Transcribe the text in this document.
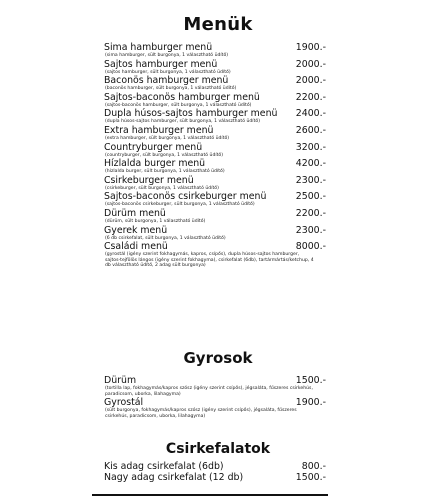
Menük
Sima hamburger menü	1900.-
(sima hamburger, sült burgonya, 1 választható üdítő)
Sajtos hamburger menü	2000.-
(sajtos hamburger, sült burgonya, 1 választható üdítő)
Baconös hamburger menü	2000.-
(baconös hamburger, sült burgonya, 1 választható üdítő)
Sajtos-baconös hamburger menü	2200.-
(sajtos-baconös hamburger, sült burgonya, 1 választható üdítő)
Dupla húsos-sajtos hamburger menü 2400.-
(dupla húsos-sajtos hamburger, sült burgonya, 1 választható üdítő)
Extra hamburger menü	2600.-
(extra hamburger, sült burgonya, 1 választható üdítő)
Countryburger menü	3200.-
(countryburger, sült burgonya, 1 választható üdítő)
Hízlalda burger menü	4200.-
(hízlalda burger, sült burgonya, 1 választható üdítő)
Csirkeburger menü	2300.-
(csirkeburger, sült burgonya, 1 választható üdítő)
Sajtos-baconös csirkeburger menü	2500.-
(sajtos-baconös csirkeburger, sült burgonya, 1 választható üdítő)
Dürüm menü	2200.-
(dürüm, sült burgonya, 1 választható üdítő)
Gyerek menü	2300.-
(6 db csirkefalat, sült burgonya, 1 választható üdítő)
Családi menü	8000.-
(gyrostál (igény szerint fokhagymás, kapros, csípős), dupla húsos-sajtos hamburger, sajtos-tejfölös lángos (igény szerint fokhagyma), csirkefalat (6db), tartármártás/ketchup, 4 db választható üdítő, 2 adag sült burgonya)
Gyrosok
Dürüm	1500.-
(tortilla lap, fokhagymás/kapros szósz (igény szerint csípős), jégsaláta, fűszeres csirkehús, paradicsom, uborka, lilahagyma)
Gyrostál	1900.-
(sült burgonya, fokhagymás/kapros szósz (igény szerint csípős), jégsaláta, fűszeres csirkehús, paradicsom, uborka, lilahagyma)
Csirkefalatok
Kis adag csirkefalat (6db)	800.-
Nagy adag csirkefalat (12 db)	1500.-
